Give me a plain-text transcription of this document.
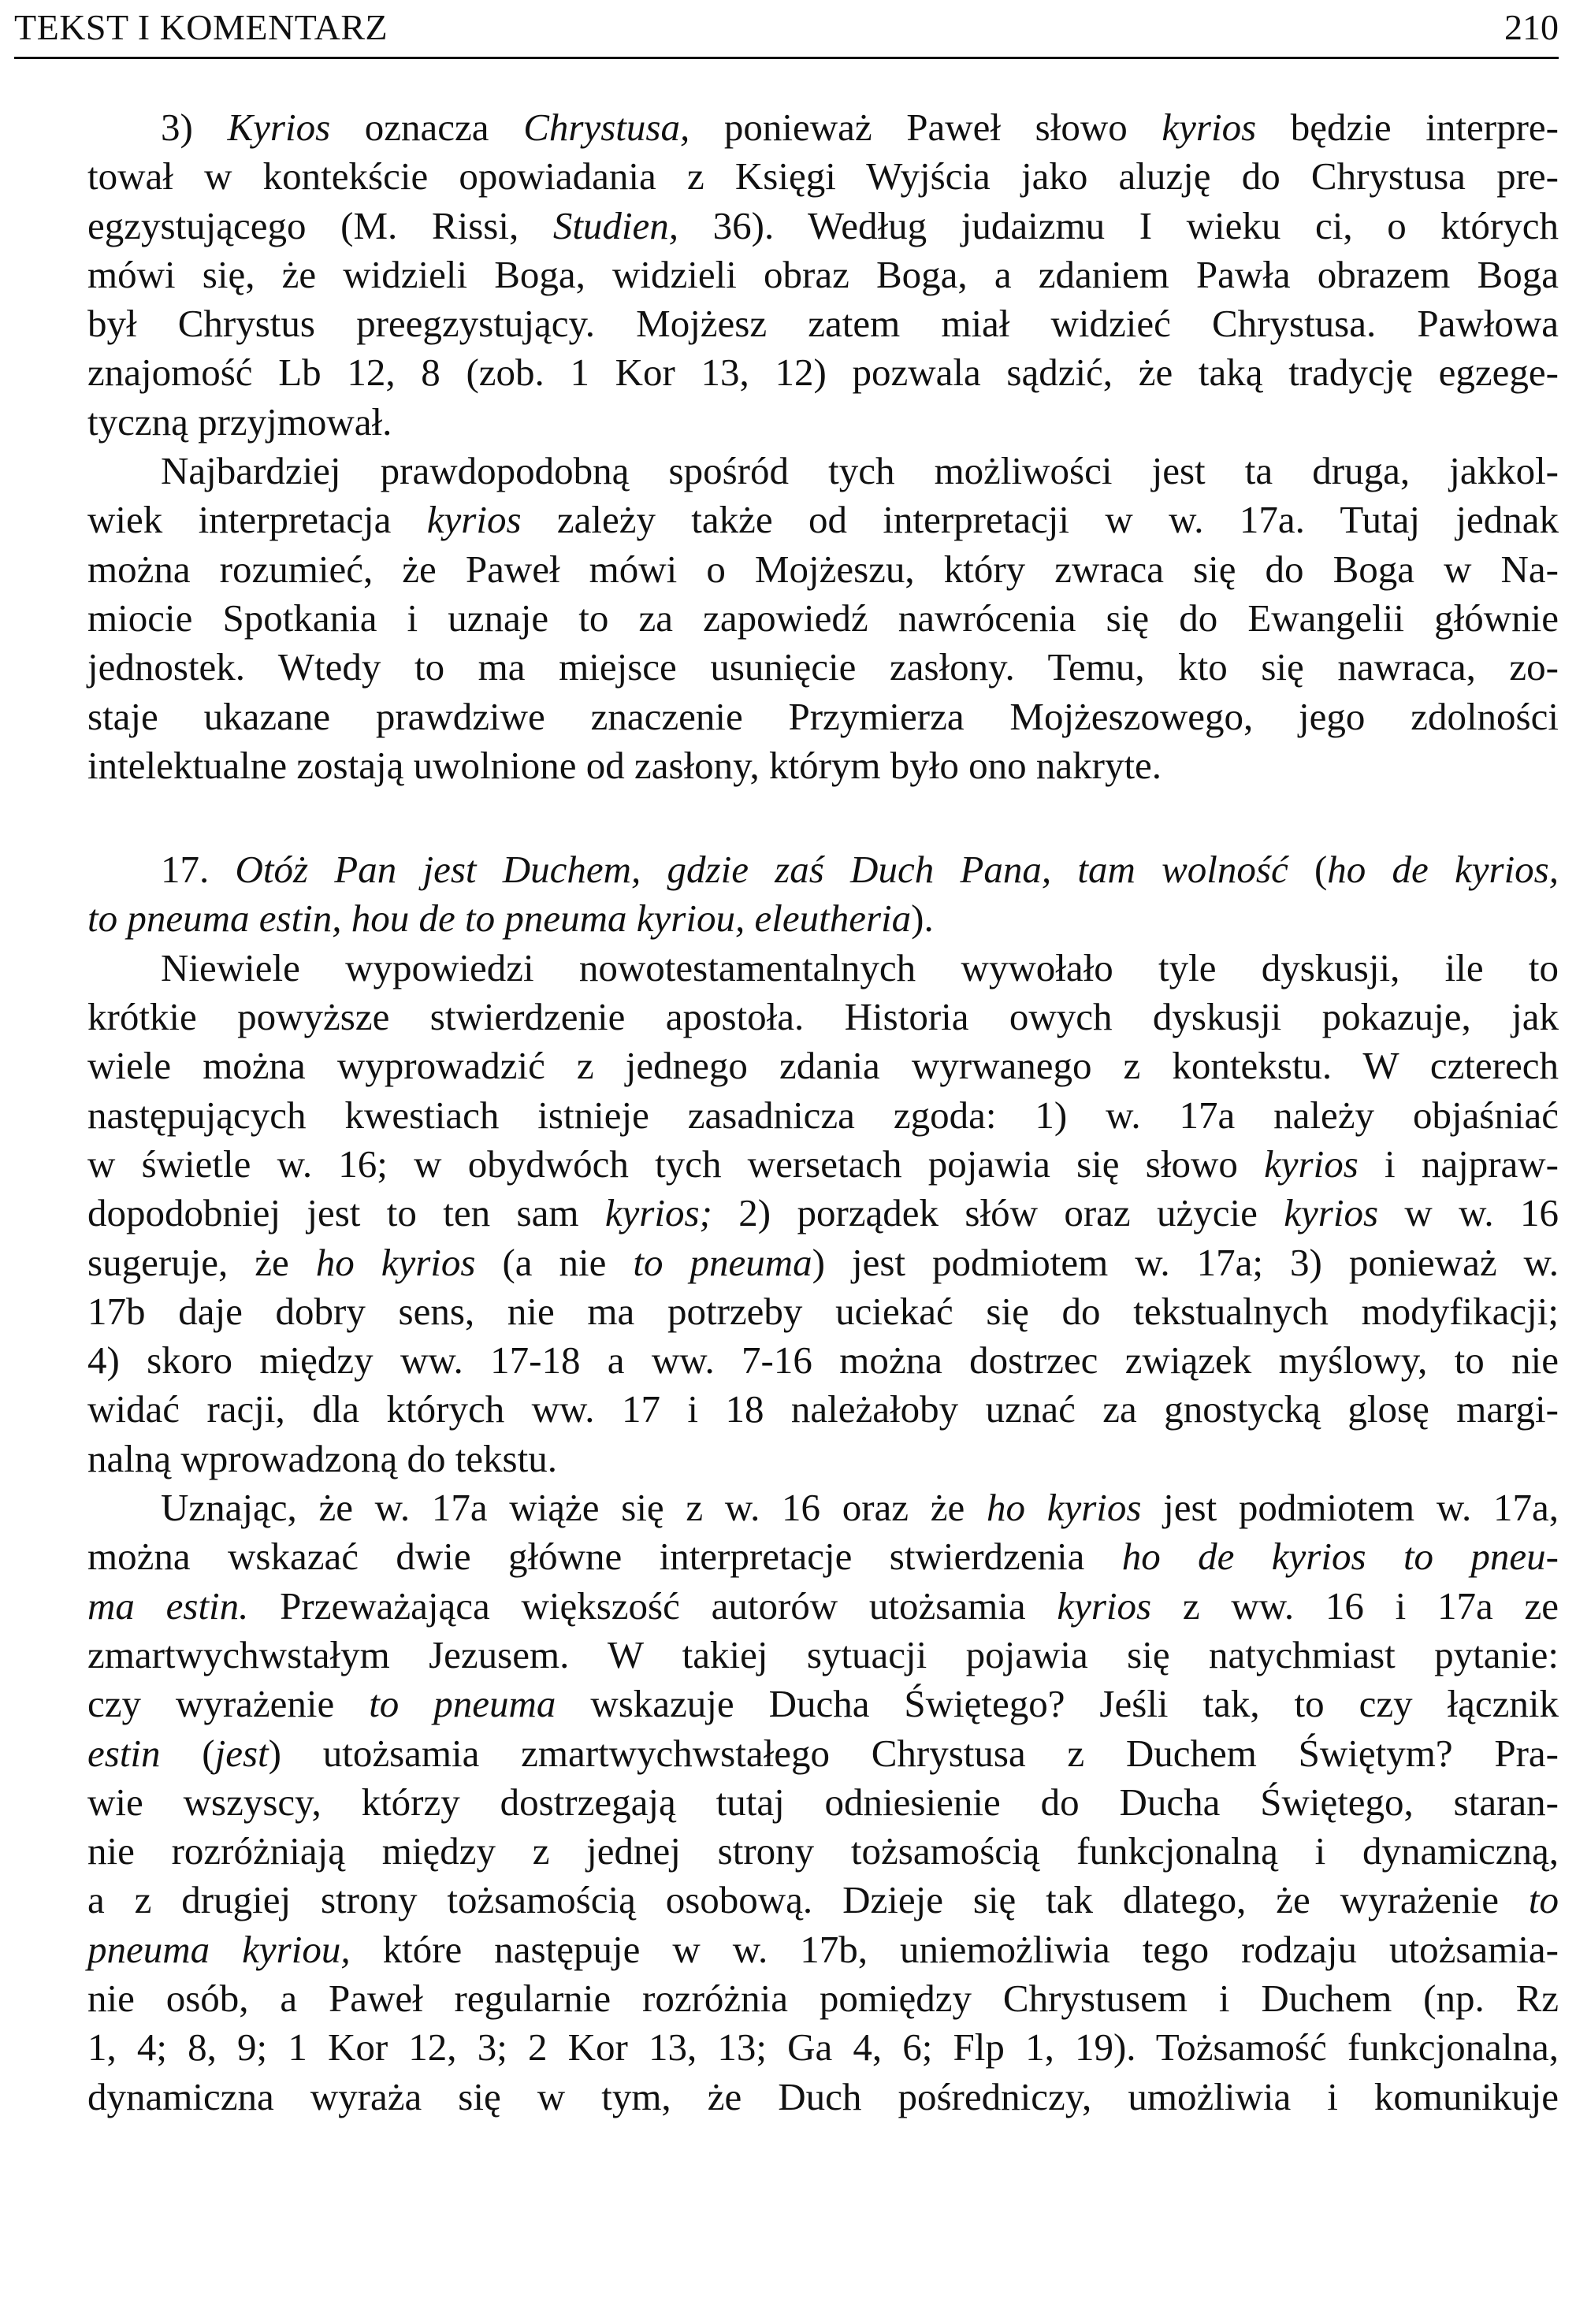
TEKST I KOMENTARZ	210
3) Kyrios oznacza Chrystusa, ponieważ Paweł słowo kyrios będzie interpre-
tował w kontekście opowiadania z Księgi Wyjścia jako aluzję do Chrystusa pre-
egzystującego (M. Rissi, Studien, 36). Według judaizmu I wieku ci, o których
mówi się, że widzieli Boga, widzieli obraz Boga, a zdaniem Pawła obrazem Boga
był Chrystus preegzystujący. Mojżesz zatem miał widzieć Chrystusa. Pawłowa
znajomość Lb 12, 8 (zob. 1 Kor 13, 12) pozwala sądzić, że taką tradycję egzege-
tyczną przyjmował.
Najbardziej prawdopodobną spośród tych możliwości jest ta druga, jakkol-
wiek interpretacja kyrios zależy także od interpretacji w w. 17a. Tutaj jednak
można rozumieć, że Paweł mówi o Mojżeszu, który zwraca się do Boga w Na-
miocie Spotkania i uznaje to za zapowiedź nawrócenia się do Ewangelii głównie
jednostek. Wtedy to ma miejsce usunięcie zasłony. Temu, kto się nawraca, zo-
staje ukazane prawdziwe znaczenie Przymierza Mojżeszowego, jego zdolności
intelektualne zostają uwolnione od zasłony, którym było ono nakryte.
17. Otóż Pan jest Duchem, gdzie zaś Duch Pana, tam wolność (ho de kyrios,
to pneuma estin, hou de to pneuma kyriou, eleutheria).
Niewiele wypowiedzi nowotestamentalnych wywołało tyle dyskusji, ile to
krótkie powyższe stwierdzenie apostoła. Historia owych dyskusji pokazuje, jak
wiele można wyprowadzić z jednego zdania wyrwanego z kontekstu. W czterech
następujących kwestiach istnieje zasadnicza zgoda: 1) w. 17a należy objaśniać
w świetle w. 16; w obydwóch tych wersetach pojawia się słowo kyrios i najpraw-
dopodobniej jest to ten sam kyrios; 2) porządek słów oraz użycie kyrios w w. 16
sugeruje, że ho kyrios (a nie to pneuma) jest podmiotem w. 17a; 3) ponieważ w.
17b daje dobry sens, nie ma potrzeby uciekać się do tekstualnych modyfikacji;
4) skoro między ww. 17-18 a ww. 7-16 można dostrzec związek myślowy, to nie
widać racji, dla których ww. 17 i 18 należałoby uznać za gnostycką glosę margi-
nalną wprowadzoną do tekstu.
Uznając, że w. 17a wiąże się z w. 16 oraz że ho kyrios jest podmiotem w. 17a,
można wskazać dwie główne interpretacje stwierdzenia ho de kyrios to pneu-
ma estin. Przeważająca większość autorów utożsamia kyrios z ww. 16 i 17a ze
zmartwychwstałym Jezusem. W takiej sytuacji pojawia się natychmiast pytanie:
czy wyrażenie to pneuma wskazuje Ducha Świętego? Jeśli tak, to czy łącznik
estin (jest) utożsamia zmartwychwstałego Chrystusa z Duchem Świętym? Pra-
wie wszyscy, którzy dostrzegają tutaj odniesienie do Ducha Świętego, staran-
nie rozróżniają między z jednej strony tożsamością funkcjonalną i dynamiczną,
a z drugiej strony tożsamością osobową. Dzieje się tak dlatego, że wyrażenie to
pneuma kyriou, które następuje w w. 17b, uniemożliwia tego rodzaju utożsamia-
nie osób, a Paweł regularnie rozróżnia pomiędzy Chrystusem i Duchem (np. Rz
1, 4; 8, 9; 1 Kor 12, 3; 2 Kor 13, 13; Ga 4, 6; Flp 1, 19). Tożsamość funkcjonalna,
dynamiczna wyraża się w tym, że Duch pośredniczy, umożliwia i komunikuje
